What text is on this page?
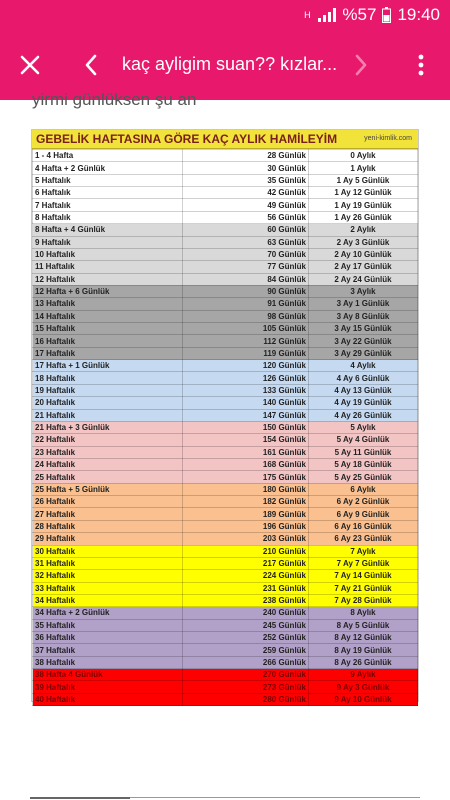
H %57 19:40
kaç ayligim suan?? kızlar...
yirmi günlüksen şu an
GEBELİK HAFTASINA GÖRE KAÇ AYLIK HAMİLEYİM	yeni-kimlik.com
1 - 4 Hafta	28 Günlük	0 Aylık
4 Hafta + 2 Günlük	30 Günlük	1 Aylık
5 Haftalık	35 Günlük	1 Ay 5 Günlük
6 Haftalık	42 Günlük	1 Ay 12 Günlük
7 Haftalık	49 Günlük	1 Ay 19 Günlük
8 Haftalık	56 Günlük	1 Ay 26 Günlük
8 Hafta + 4 Günlük	60 Günlük	2 Aylık
9 Haftalık	63 Günlük	2 Ay 3 Günlük
10 Haftalık	70 Günlük	2 Ay 10 Günlük
11 Haftalık	77 Günlük	2 Ay 17 Günlük
12 Haftalık	84 Günlük	2 Ay 24 Günlük
12 Hafta + 6 Günlük	90 Günlük	3 Aylık
13 Haftalık	91 Günlük	3 Ay 1 Günlük
14 Haftalık	98 Günlük	3 Ay 8 Günlük
15 Haftalık	105 Günlük	3 Ay 15 Günlük
16 Haftalık	112 Günlük	3 Ay 22 Günlük
17 Haftalık	119 Günlük	3 Ay 29 Günlük
17 Hafta + 1 Günlük	120 Günlük	4 Aylık
18 Haftalık	126 Günlük	4 Ay 6 Günlük
19 Haftalık	133 Günlük	4 Ay 13 Günlük
20 Haftalık	140 Günlük	4 Ay 19 Günlük
21 Haftalık	147 Günlük	4 Ay 26 Günlük
21 Hafta + 3 Günlük	150 Günlük	5 Aylık
22 Haftalık	154 Günlük	5 Ay 4 Günlük
23 Haftalık	161 Günlük	5 Ay 11 Günlük
24 Haftalık	168 Günlük	5 Ay 18 Günlük
25 Haftalık	175 Günlük	5 Ay 25 Günlük
25 Hafta + 5 Günlük	180 Günlük	6 Aylık
26 Haftalık	182 Günlük	6 Ay 2 Günlük
27 Haftalık	189 Günlük	6 Ay 9 Günlük
28 Haftalık	196 Günlük	6 Ay 16 Günlük
29 Haftalık	203 Günlük	6 Ay 23 Günlük
30 Haftalık	210 Günlük	7 Aylık
31 Haftalık	217 Günlük	7 Ay 7 Günlük
32 Haftalık	224 Günlük	7 Ay 14 Günlük
33 Haftalık	231 Günlük	7 Ay 21 Günlük
34 Haftalık	238 Günlük	7 Ay 28 Günlük
34 Hafta + 2 Günlük	240 Günlük	8 Aylık
35 Haftalık	245 Günlük	8 Ay 5 Günlük
36 Haftalık	252 Günlük	8 Ay 12 Günlük
37 Haftalık	259 Günlük	8 Ay 19 Günlük
38 Haftalık	266 Günlük	8 Ay 26 Günlük
38 Hafta 4 Günlük	270 Günlük	9 Aylık
39 Haftalık	273 Günlük	9 Ay 3 Günlük
40 Haftalık	280 Günlük	9 Ay 10 Günlük
